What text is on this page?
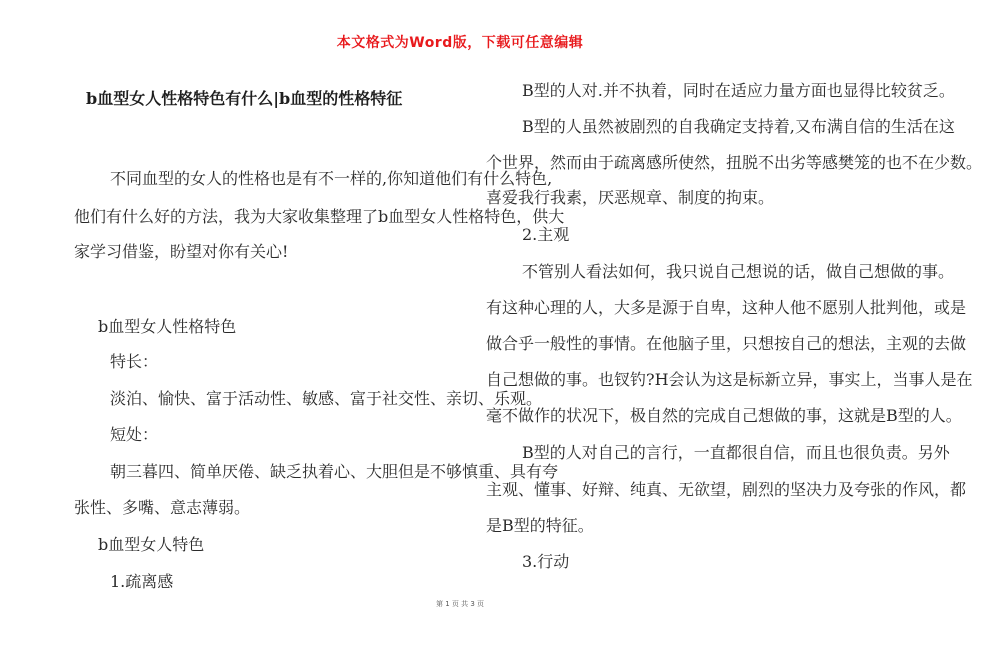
本文格式为Word版，下载可任意编辑
b血型女人性格特色有什么|b血型的性格特征
不同血型的女人的性格也是有不一样的,你知道他们有什么特色,
他们有什么好的方法，我为大家收集整理了b血型女人性格特色，供大
家学习借鉴，盼望对你有关心!
b血型女人性格特色
特长：
淡泊、愉快、富于活动性、敏感、富于社交性、亲切、乐观。
短处：
朝三暮四、简单厌倦、缺乏执着心、大胆但是不够慎重、具有夸
张性、多嘴、意志薄弱。
b血型女人特色
1.疏离感
B型的人对.并不执着，同时在适应力量方面也显得比较贫乏。
B型的人虽然被剧烈的自我确定支持着,又布满自信的生活在这
个世界，然而由于疏离感所使然，扭脱不出劣等感樊笼的也不在少数。
喜爱我行我素，厌恶规章、制度的拘束。
2.主观
不管别人看法如何，我只说自己想说的话，做自己想做的事。
有这种心理的人，大多是源于自卑，这种人他不愿别人批判他，或是
做合乎一般性的事情。在他脑子里，只想按自己的想法，主观的去做
自己想做的事。也钗钓?H会认为这是标新立异，事实上，当事人是在
毫不做作的状况下，极自然的完成自己想做的事，这就是B型的人。
B型的人对自己的言行，一直都很自信，而且也很负责。另外
主观、懂事、好辩、纯真、无欲望，剧烈的坚决力及夸张的作风，都
是B型的特征。
3.行动
第 1 页 共 3 页
